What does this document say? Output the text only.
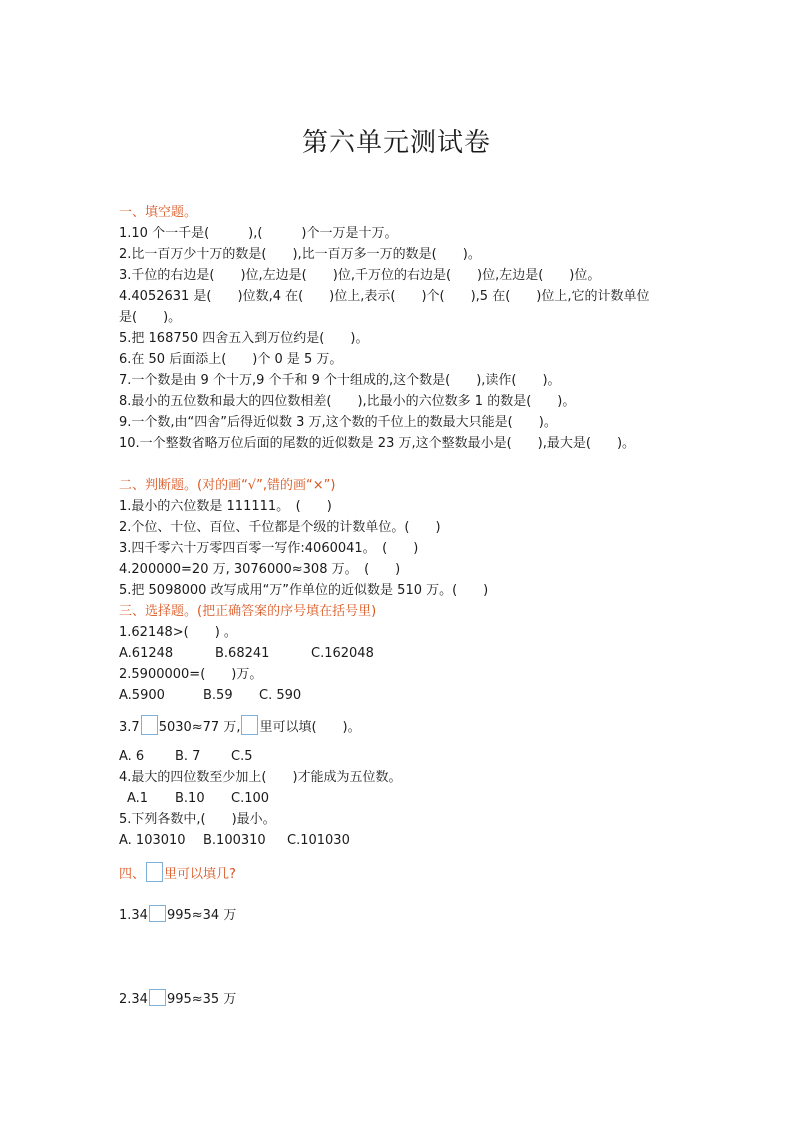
第六单元测试卷
一、填空题。
1.10 个一千是(　　　),(　　　)个一万是十万。
2.比一百万少十万的数是(　　),比一百万多一万的数是(　　)。
3.千位的右边是(　　)位,左边是(　　)位,千万位的右边是(　　)位,左边是(　　)位。
4.4052631 是(　　)位数,4 在(　　)位上,表示(　　)个(　　),5 在(　　)位上,它的计数单位
是(　　)。
5.把 168750 四舍五入到万位约是(　　)。
6.在 50 后面添上(　　)个 0 是 5 万。
7.一个数是由 9 个十万,9 个千和 9 个十组成的,这个数是(　　),读作(　　)。
8.最小的五位数和最大的四位数相差(　　),比最小的六位数多 1 的数是(　　)。
9.一个数,由“四舍”后得近似数 3 万,这个数的千位上的数最大只能是(　　)。
10.一个整数省略万位后面的尾数的近似数是 23 万,这个整数最小是(　　),最大是(　　)。
二、判断题。(对的画“√”,错的画“×”)
1.最小的六位数是 111111。　(　　)
2.个位、十位、百位、千位都是个级的计数单位。(　　)
3.四千零六十万零四百零一写作:4060041。　(　　)
4.200000=20 万, 3076000≈308 万。　(　　)
5.把 5098000 改写成用“万”作单位的近似数是 510 万。(　　)
三、选择题。(把正确答案的序号填在括号里)
1.62148>(　　) 。
A.61248	B.68241	C.162048
2.5900000=(　　)万。
A.5900	B.59 C. 590
3.7 5030≈77 万, 里可以填(　　)。
A. 6 B. 7 C.5
4.最大的四位数至少加上(　　)才能成为五位数。
A.1 B.10 C.100
5.下列各数中,(　　)最小。
A. 103010 B.100310 C.101030
四、 里可以填几?
1.34 995≈34 万
2.34 995≈35 万
